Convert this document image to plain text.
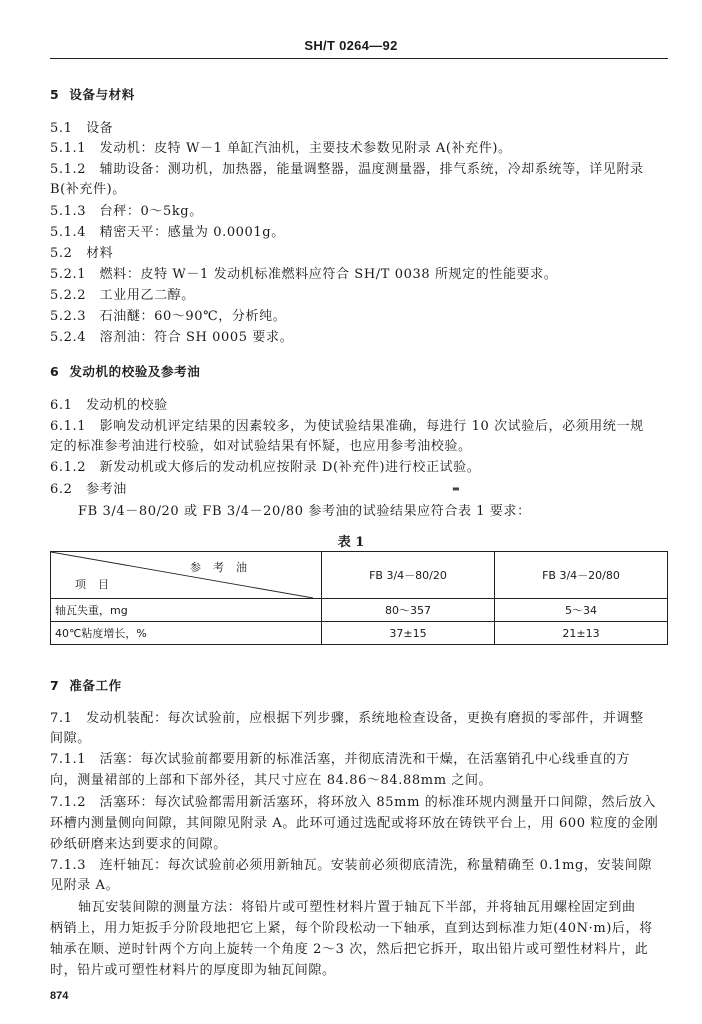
SH/T 0264—92
5 设备与材料
5.1　设备
5.1.1　发动机：皮特 W－1 单缸汽油机，主要技术参数见附录 A(补充件)。
5.1.2　辅助设备：测功机，加热器，能量调整器，温度测量器，排气系统，冷却系统等，详见附录
B(补充件)。
5.1.3　台秤：0～5kg。
5.1.4　精密天平：感量为 0.0001g。
5.2　材料
5.2.1　燃料：皮特 W－1 发动机标准燃料应符合 SH/T 0038 所规定的性能要求。
5.2.2　工业用乙二醇。
5.2.3　石油醚：60～90℃，分析纯。
5.2.4　溶剂油：符合 SH 0005 要求。
6 发动机的校验及参考油
6.1　发动机的校验
6.1.1　影响发动机评定结果的因素较多，为使试验结果准确，每进行 10 次试验后，必须用统一规
定的标准参考油进行校验，如对试验结果有怀疑，也应用参考油校验。
6.1.2　新发动机或大修后的发动机应按附录 D(补充件)进行校正试验。
6.2　参考油	▬
FB 3/4－80/20 或 FB 3/4－20/80 参考油的试验结果应符合表 1 要求：
表 1
参考油
项目	FB 3/4－80/20	FB 3/4－20/80
轴瓦失重，mg	80～357	5～34
40℃粘度增长，%	37±15	21±13
7 准备工作
7.1　发动机装配：每次试验前，应根据下列步骤，系统地检查设备，更换有磨损的零部件，并调整
间隙。
7.1.1　活塞：每次试验前都要用新的标准活塞，并彻底清洗和干燥，在活塞销孔中心线垂直的方
向，测量裙部的上部和下部外径，其尺寸应在 84.86～84.88mm 之间。
7.1.2　活塞环：每次试验都需用新活塞环，将环放入 85mm 的标准环规内测量开口间隙，然后放入
环槽内测量侧向间隙，其间隙见附录 A。此环可通过选配或将环放在铸铁平台上，用 600 粒度的金刚
砂纸研磨来达到要求的间隙。
7.1.3　连杆轴瓦：每次试验前必须用新轴瓦。安装前必须彻底清洗，称量精确至 0.1mg，安装间隙
见附录 A。
轴瓦安装间隙的测量方法：将铅片或可塑性材料片置于轴瓦下半部，并将轴瓦用螺栓固定到曲
柄销上，用力矩扳手分阶段地把它上紧，每个阶段松动一下轴承，直到达到标准力矩(40N·m)后，将
轴承在顺、逆时针两个方向上旋转一个角度 2～3 次，然后把它拆开，取出铅片或可塑性材料片，此
时，铅片或可塑性材料片的厚度即为轴瓦间隙。
874
